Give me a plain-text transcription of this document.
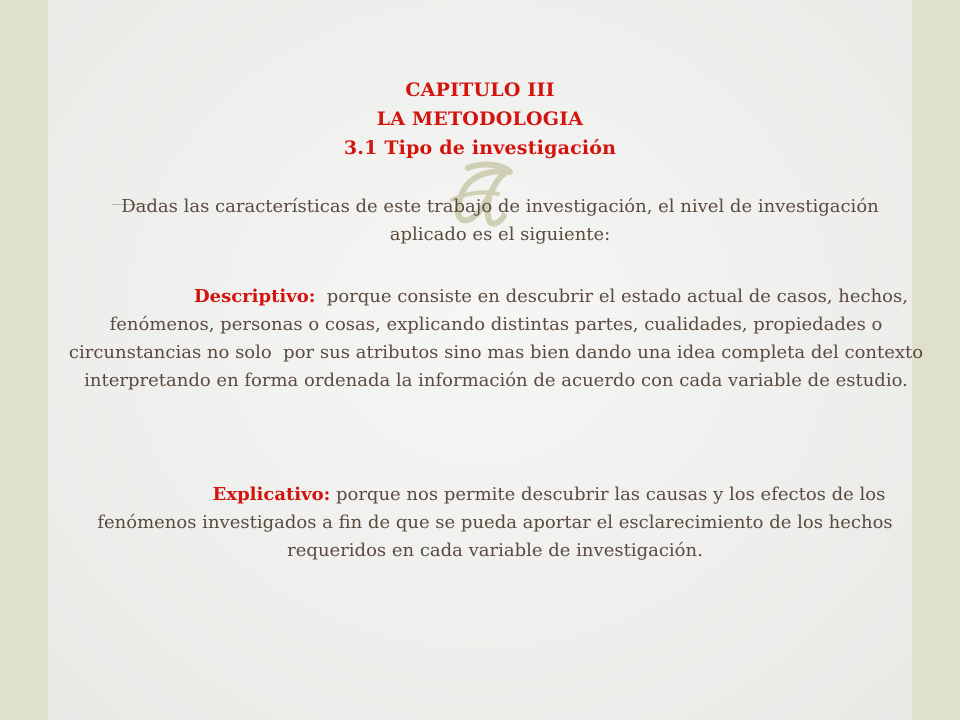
CAPITULO III
LA METODOLOGIA
3.1 Tipo de investigación
Dadas las características de este trabajo de investigación, el nivel de investigación aplicado es el siguiente:
Descriptivo:  porque consiste en descubrir el estado actual de casos, hechos, fenómenos, personas o cosas, explicando distintas partes, cualidades, propiedades o circunstancias no solo  por sus atributos sino mas bien dando una idea completa del contexto interpretando en forma ordenada la información de acuerdo con cada variable de estudio.
Explicativo: porque nos permite descubrir las causas y los efectos de los fenómenos investigados a fin de que se pueda aportar el esclarecimiento de los hechos requeridos en cada variable de investigación.
